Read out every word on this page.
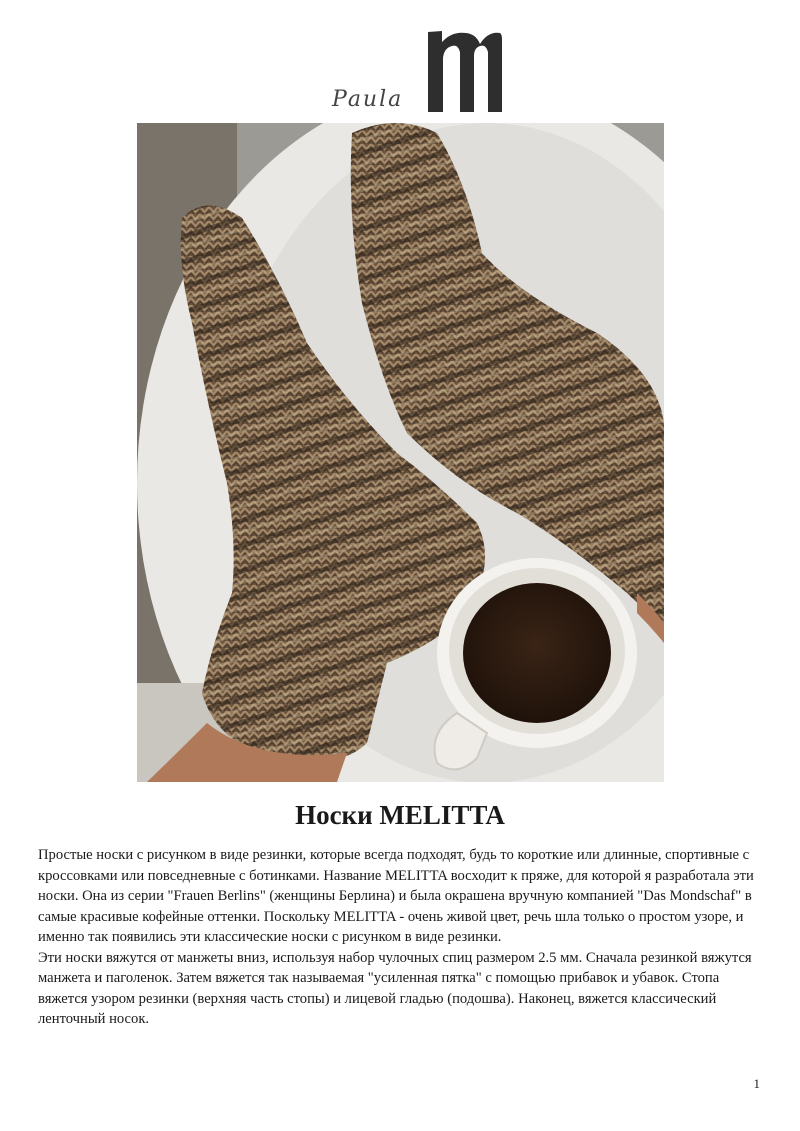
Paula
Носки MELITTA

Простые носки с рисунком в виде резинки, которые всегда подходят, будь то короткие или длинные, спортивные с кроссовками или повседневные с ботинками. Название MELITTA восходит к пряже, для которой я разработала эти носки. Она из серии "Frauen Berlins" (женщины Берлина) и была окрашена вручную компанией "Das Mondschaf" в самые красивые кофейные оттенки. Поскольку MELITTA - очень живой цвет, речь шла только о простом узоре, и именно так появились эти классические носки с рисунком в виде резинки.

Эти носки вяжутся от манжеты вниз, используя набор чулочных спиц размером 2.5 мм. Сначала резинкой вяжутся манжета и паголенок. Затем вяжется так называемая "усиленная пятка" с помощью прибавок и убавок. Стопа вяжется узором резинки (верхняя часть стопы) и лицевой гладью (подошва). Наконец, вяжется классический ленточный носок.

1
